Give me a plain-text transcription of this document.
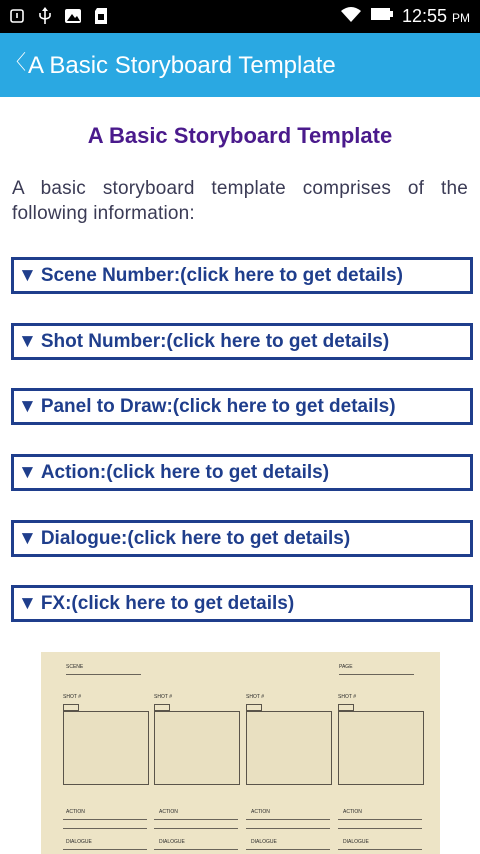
12:55 PM
〈 A Basic Storyboard Template
A Basic Storyboard Template
A basic storyboard template comprises of the following information:
▼ Scene Number:(click here to get details)
▼ Shot Number:(click here to get details)
▼ Panel to Draw:(click here to get details)
▼ Action:(click here to get details)
▼ Dialogue:(click here to get details)
▼ FX:(click here to get details)
SCENE	PAGE
SHOT #	SHOT #	SHOT #	SHOT #
ACTION	ACTION	ACTION	ACTION
DIALOGUE	DIALOGUE	DIALOGUE	DIALOGUE
